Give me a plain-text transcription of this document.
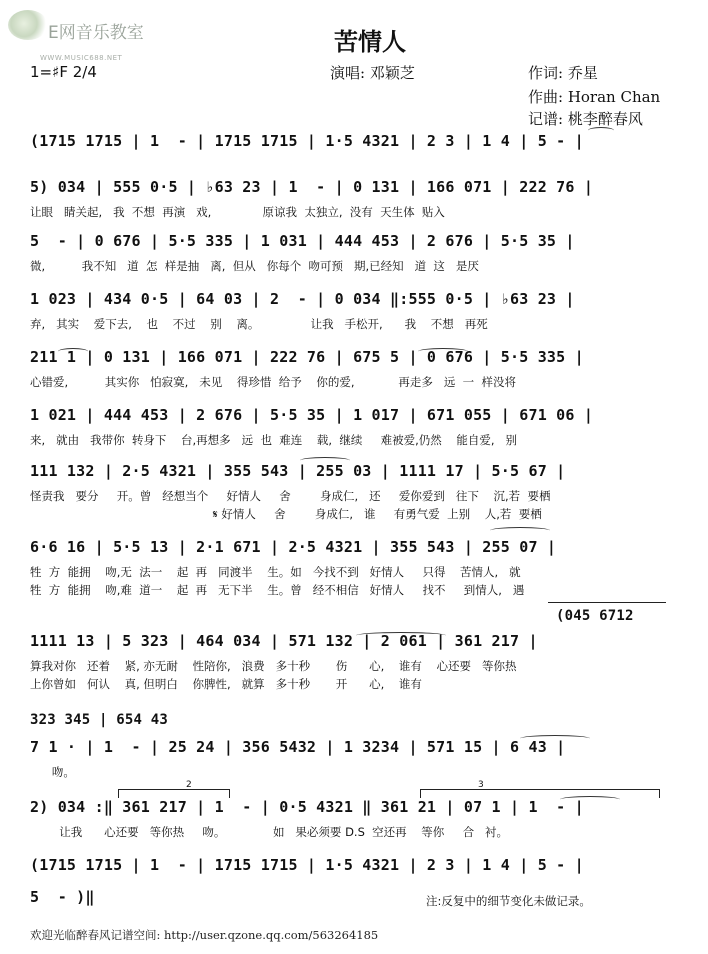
E网音乐教室
WWW.MUSIC688.NET
苦情人
1=♯F 2/4	演唱: 邓颖芝	作词: 乔星
作曲: Horan Chan
记谱: 桃李醉春风
(1715 1715 | 1  - | 1715 1715 | 1·5 4321 | 2 3 | 1 4 | 5 - |
5) 034 | 555 0·5 | ♭63 23 | 1  - | 0 131 | 166 071 | 222 76 |
让眼   睛关起,   我  不想  再演   戏,              原谅我  太独立,  没有  天生体  贴入
5  - | 0 676 | 5·5 335 | 1 031 | 444 453 | 2 676 | 5·5 35 |
微,          我不知   道  怎  样是抽   离,  但从   你每个  吻可预   期,已经知   道  这   是厌
1 023 | 434 0·5 | 64 03 | 2  - | 0 034 ‖:555 0·5 | ♭63 23 |
弃,   其实    爱下去,    也    不过    别    离。              让我   手松开,      我    不想   再死
211 1 | 0 131 | 166 071 | 222 76 | 675 5 | 0 676 | 5·5 335 |
心错爱,          其实你   怕寂寞,   未见    得珍惜  给予    你的爱,            再走多   远  一  样没将
1 021 | 444 453 | 2 676 | 5·5 35 | 1 017 | 671 055 | 671 06 |
来,   就由   我带你  转身下    台,再想多   远  也  难连    载,  继续     难被爱,仍然    能自爱,   别
111 132 | 2·5 4321 | 355 543 | 255 03 | 1111 17 | 5·5 67 |
怪责我   要分     开。曾   经想当个     好情人     舍        身成仁,   还     爱你爱到   往下    沉,若  要栖
𝄋 好情人     舍        身成仁,   谁     有勇气爱  上别    人,若  要栖
6·6 16 | 5·5 13 | 2·1 671 | 2·5 4321 | 355 543 | 255 07 |
牲  方  能拥    吻,无  法一    起  再   同渡半    生。如   今找不到   好情人     只得    苦情人,   就
牲  方  能拥    吻,难  道一    起  再   无下半    生。曾   经不相信   好情人     找不     到情人,   遇
1111 13 | 5 323 | 464 034 | 571 132 | 2 061 | 361 217 |
算我对你   还着    紧, 亦无耐    性陪你,   浪费   多十秒       伤      心,    谁有    心还要   等你热
上你曾如   何认    真, 但明白    你脾性,   就算   多十秒       开      心,    谁有
7 1 · | 1  - | 25 24 | 356 5432 | 1 3234 | 571 15 | 6 43 |
吻。
2) 034 :‖ 361 217 | 1  - | 0·5 4321 ‖ 361 21 | 07 1 | 1  - |
让我      心还要   等你热     吻。             如   果必须要 D.S  空还再    等你     合   衬。
(1715 1715 | 1  - | 1715 1715 | 1·5 4321 | 2 3 | 1 4 | 5 - |
5  - )‖
(045 6712
323 345 | 654 43
2	3
注:反复中的细节变化未做记录。
欢迎光临醉春风记谱空间: http://user.qzone.qq.com/563264185
